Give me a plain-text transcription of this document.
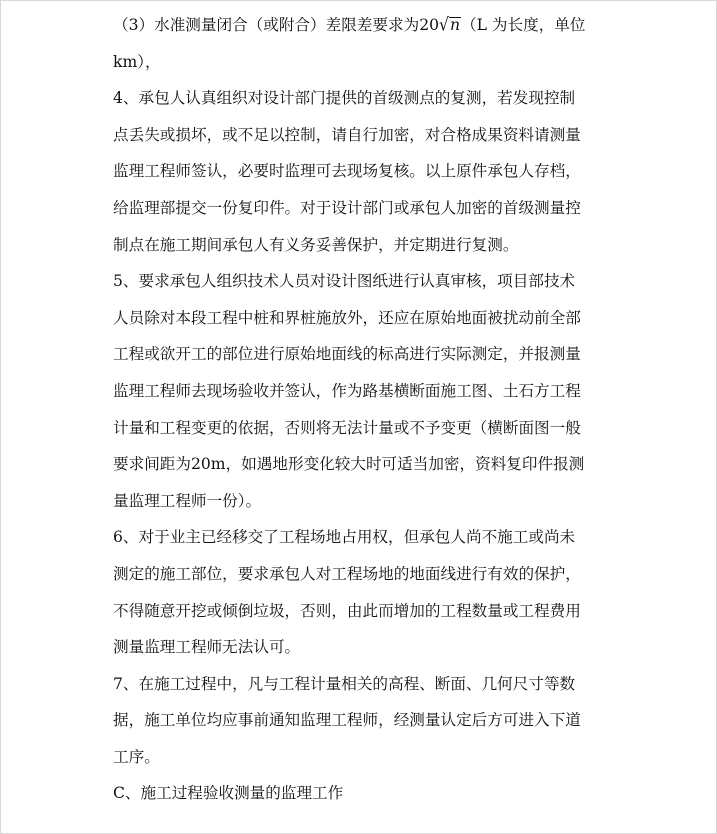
（3）水准测量闭合（或附合）差限差要求为20√n（L 为长度，单位
km），
4、承包人认真组织对设计部门提供的首级测点的复测，若发现控制
点丢失或损坏，或不足以控制，请自行加密，对合格成果资料请测量
监理工程师签认，必要时监理可去现场复核。以上原件承包人存档，
给监理部提交一份复印件。对于设计部门或承包人加密的首级测量控
制点在施工期间承包人有义务妥善保护，并定期进行复测。
5、要求承包人组织技术人员对设计图纸进行认真审核，项目部技术
人员除对本段工程中桩和界桩施放外，还应在原始地面被扰动前全部
工程或欲开工的部位进行原始地面线的标高进行实际测定，并报测量
监理工程师去现场验收并签认，作为路基横断面施工图、土石方工程
计量和工程变更的依据，否则将无法计量或不予变更（横断面图一般
要求间距为20m，如遇地形变化较大时可适当加密，资料复印件报测
量监理工程师一份）。
6、对于业主已经移交了工程场地占用权，但承包人尚不施工或尚未
测定的施工部位，要求承包人对工程场地的地面线进行有效的保护，
不得随意开挖或倾倒垃圾，否则，由此而增加的工程数量或工程费用
测量监理工程师无法认可。
7、在施工过程中，凡与工程计量相关的高程、断面、几何尺寸等数
据，施工单位均应事前通知监理工程师，经测量认定后方可进入下道
工序。
C、施工过程验收测量的监理工作
